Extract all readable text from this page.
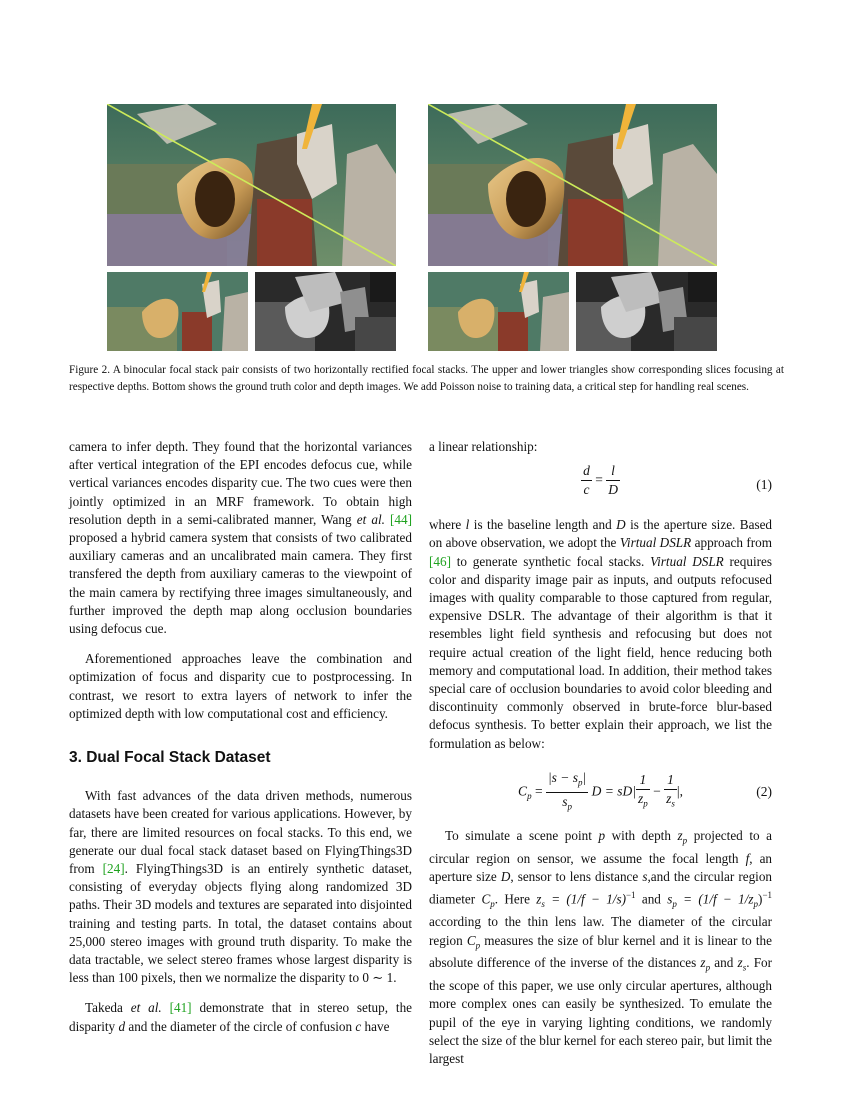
Figure 2. A binocular focal stack pair consists of two horizontally rectified focal stacks. The upper and lower triangles show corresponding slices focusing at respective depths. Bottom shows the ground truth color and depth images. We add Poisson noise to training data, a critical step for handling real scenes.

camera to infer depth. They found that the horizontal variances after vertical integration of the EPI encodes defocus cue, while vertical variances encodes disparity cue. The two cues were then jointly optimized in an MRF framework. To obtain high resolution depth in a semi-calibrated manner, Wang et al. [44] proposed a hybrid camera system that consists of two calibrated auxiliary cameras and an uncalibrated main camera. They first transfered the depth from auxiliary cameras to the viewpoint of the main camera by rectifying three images simultaneously, and further improved the depth map along occlusion boundaries using defocus cue.

Aforementioned approaches leave the combination and optimization of focus and disparity cue to postprocessing. In contrast, we resort to extra layers of network to infer the optimized depth with low computational cost and efficiency.

3. Dual Focal Stack Dataset

With fast advances of the data driven methods, numerous datasets have been created for various applications. However, by far, there are limited resources on focal stacks. To this end, we generate our dual focal stack dataset based on FlyingThings3D from [24]. FlyingThings3D is an entirely synthetic dataset, consisting of everyday objects flying along randomized 3D paths. Their 3D models and textures are separated into disjointed training and testing parts. In total, the dataset contains about 25,000 stereo images with ground truth disparity. To make the data tractable, we select stereo frames whose largest disparity is less than 100 pixels, then we normalize the disparity to 0 ∼ 1.

Takeda et al. [41] demonstrate that in stereo setup, the disparity d and the diameter of the circle of confusion c have

a linear relationship:

$\frac{d}{c} = \frac{l}{D}$	(1)

where l is the baseline length and D is the aperture size. Based on above observation, we adopt the Virtual DSLR approach from [46] to generate synthetic focal stacks. Virtual DSLR requires color and disparity image pair as inputs, and outputs refocused images with quality comparable to those captured from regular, expensive DSLR. The advantage of their algorithm is that it resembles light field synthesis and refocusing but does not require actual creation of the light field, hence reducing both memory and computational load. In addition, their method takes special care of occlusion boundaries to avoid color bleeding and discontinuity commonly observed in brute-force blur-based defocus synthesis. To better explain their approach, we list the formulation as below:

$C_p = \frac{|s - s_p|}{s_p}$ $D = sD| \frac{1}{z_p} - \frac{1}{z_s}$ |,	(2)

To simulate a scene point p with depth $z_p$ projected to a circular region on sensor, we assume the focal length f, an aperture size D, sensor to lens distance s,and the circular region diameter $C_p$. Here $z_s = (1/f - 1/s)^{-1}$ and $s_p = (1/f - 1/z_p)^{-1}$ according to the thin lens law. The diameter of the circular region $C_p$ measures the size of blur kernel and it is linear to the absolute difference of the inverse of the distances $z_p$ and $z_s$. For the scope of this paper, we use only circular apertures, although more complex ones can easily be synthesized. To emulate the pupil of the eye in varying lighting conditions, we randomly select the size of the blur kernel for each stereo pair, but limit the largest
